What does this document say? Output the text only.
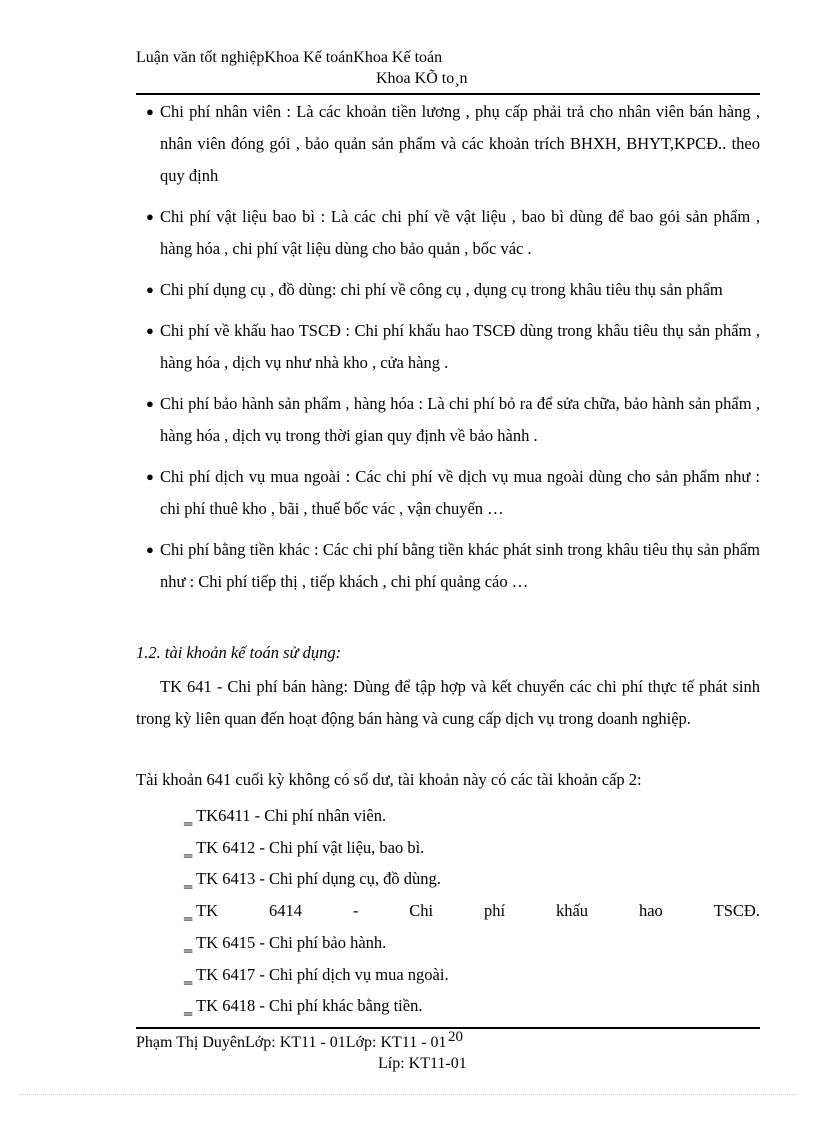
Luận văn tốt nghiệpKhoa Kế toánKhoa Kế toán
Khoa KÕ to¸n
● Chi phí nhân viên : Là các khoản tiền lương , phụ cấp phải trả cho nhân viên bán hàng , nhân viên đóng gói , bảo quản sản phẩm và các khoản trích BHXH, BHYT,KPCĐ.. theo quy định
● Chi phí vật liệu bao bì : Là các chi phí về vật liệu , bao bì dùng để bao gói sản phẩm , hàng hóa , chi phí vật liệu dùng cho bảo quản , bốc vác .
● Chi phí dụng cụ , đồ dùng: chi phí về công cụ , dụng cụ trong khâu tiêu thụ sản phẩm
● Chi phí về khấu hao TSCĐ : Chi phí khấu hao TSCĐ dùng trong khâu tiêu thụ sản phẩm , hàng hóa , dịch vụ như nhà kho , cửa hàng .
● Chi phí bảo hành sản phẩm , hàng hóa : Là chi phí bỏ ra để sửa chữa, bảo hành sản phẩm , hàng hóa , dịch vụ trong thời gian quy định về bảo hành .
● Chi phí dịch vụ mua ngoài : Các chi phí về dịch vụ mua ngoài dùng cho sản phẩm như : chi phí thuê kho , bãi , thuế bốc vác , vận chuyển …
● Chi phí bằng tiền khác : Các chi phí bằng tiền khác phát sinh trong khâu tiêu thụ sản phẩm như : Chi phí tiếp thị , tiếp khách , chi phí quảng cáo …
1.2. tài khoản kế toán sử dụng:

TK 641 - Chi phí bán hàng: Dùng để tập hợp và kết chuyển các chi phí thực tế phát sinh trong kỳ liên quan đến hoạt động bán hàng và cung cấp dịch vụ trong doanh nghiệp.

Tài khoản 641 cuối kỳ không có số dư, tài khoản này có các tài khoản cấp 2:
‗ TK6411 - Chi phí nhân viên.
‗ TK 6412 - Chi phí vật liệu, bao bì.
‗ TK 6413 - Chi phí dụng cụ, đồ dùng.
‗ TK	6414	-	Chi	phí	khấu	hao	TSCĐ.
‗ TK 6415 - Chi phí bảo hành.
‗ TK 6417 - Chi phí dịch vụ mua ngoài.
‗ TK 6418 - Chi phí khác bằng tiền.
20
Phạm Thị DuyênLớp: KT11 - 01Lớp: KT11 - 01
Líp: KT11-01
